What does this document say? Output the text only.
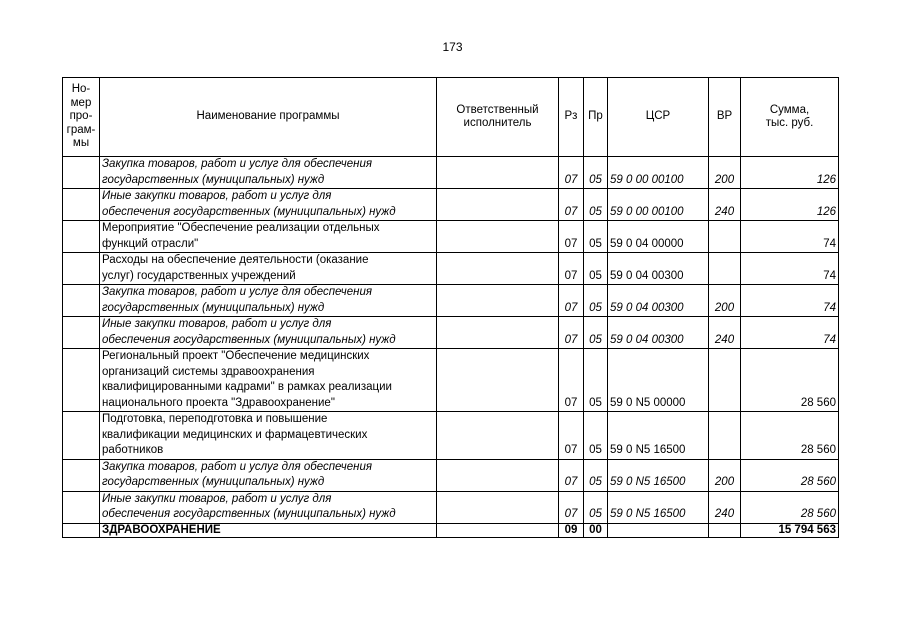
173
Но-
мер
про-
грам-
мы	Наименование программы	Ответственный
исполнитель	Рз	Пр	ЦСР	ВР	Сумма,
тыс. руб.
	Закупка товаров, работ и услуг для обеспечения
государственных (муниципальных) нужд		07	05	59 0 00 00100	200	126
	Иные закупки товаров, работ и услуг для
обеспечения государственных (муниципальных) нужд		07	05	59 0 00 00100	240	126
	Мероприятие "Обеспечение реализации отдельных
функций отрасли"		07	05	59 0 04 00000		74
	Расходы на обеспечение деятельности (оказание
услуг) государственных учреждений		07	05	59 0 04 00300		74
	Закупка товаров, работ и услуг для обеспечения
государственных (муниципальных) нужд		07	05	59 0 04 00300	200	74
	Иные закупки товаров, работ и услуг для
обеспечения государственных (муниципальных) нужд		07	05	59 0 04 00300	240	74
	Региональный проект "Обеспечение медицинских
организаций системы здравоохранения
квалифицированными кадрами" в рамках реализации
национального проекта "Здравоохранение"		07	05	59 0 N5 00000		28 560
	Подготовка, переподготовка и повышение
квалификации медицинских и фармацевтических
работников		07	05	59 0 N5 16500		28 560
	Закупка товаров, работ и услуг для обеспечения
государственных (муниципальных) нужд		07	05	59 0 N5 16500	200	28 560
	Иные закупки товаров, работ и услуг для
обеспечения государственных (муниципальных) нужд		07	05	59 0 N5 16500	240	28 560
	ЗДРАВООХРАНЕНИЕ		09	00			15 794 563
